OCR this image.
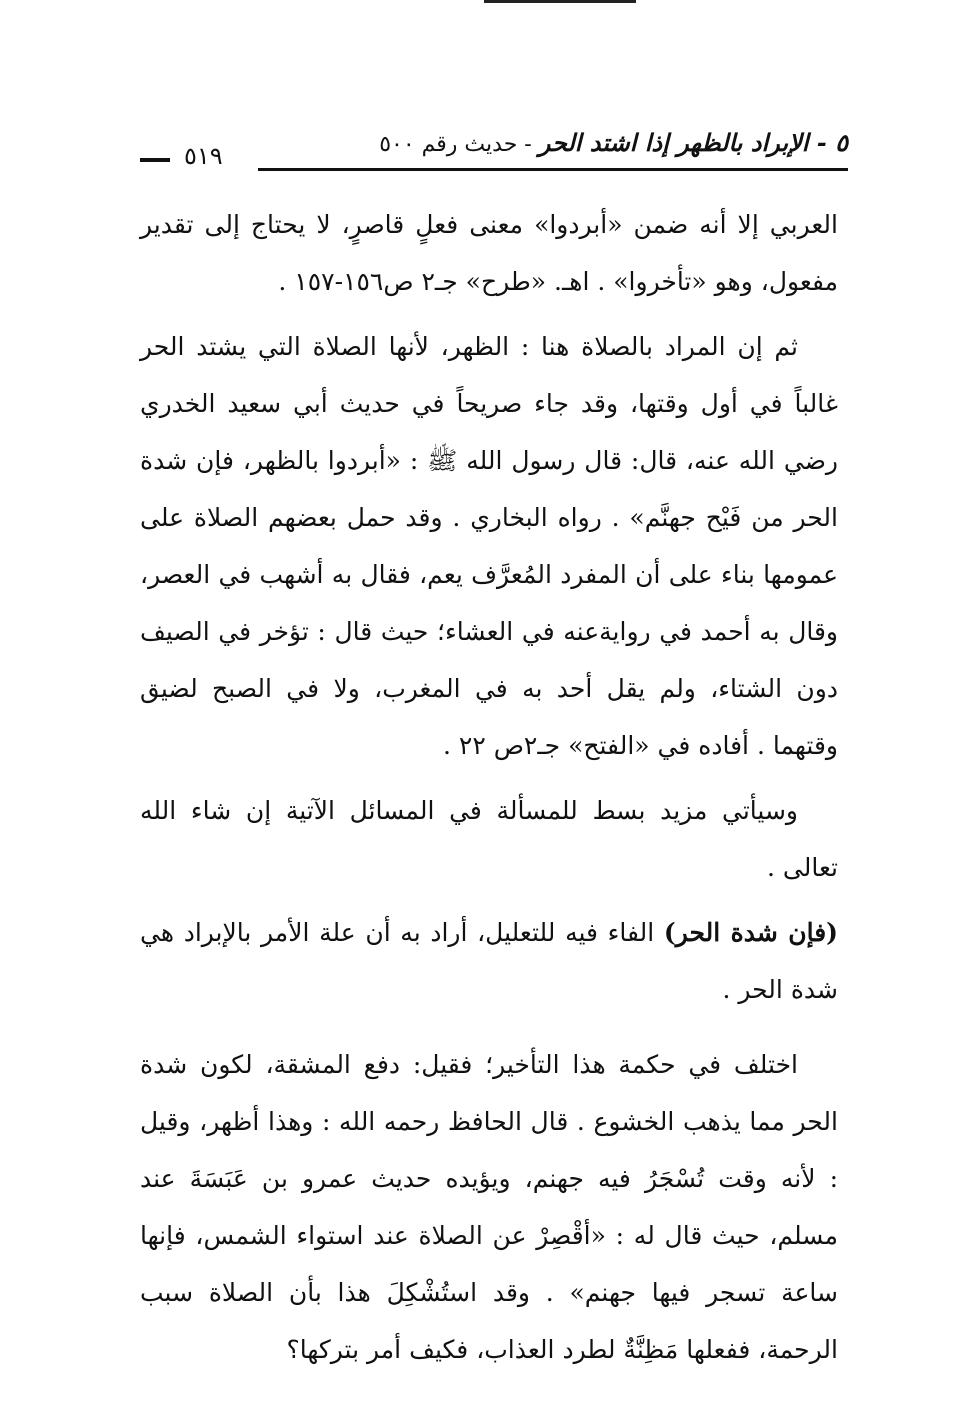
٥ - الإبراد بالظهر إذا اشتد الحر - حديث رقم ٥٠٠
٥١٩

العربي إلا أنه ضمن «أبردوا» معنى فعلٍ قاصرٍ، لا يحتاج إلى تقدير مفعول، وهو «تأخروا» . اهـ. «طرح» جـ٢ ص١٥٦-١٥٧ .

ثم إن المراد بالصلاة هنا : الظهر، لأنها الصلاة التي يشتد الحر غالباً في أول وقتها، وقد جاء صريحاً في حديث أبي سعيد الخدري رضي الله عنه، قال: قال رسول الله ﷺ : «أبردوا بالظهر، فإن شدة الحر من فَيْح جهنَّم» . رواه البخاري . وقد حمل بعضهم الصلاة على عمومها بناء على أن المفرد المُعرَّف يعم، فقال به أشهب في العصر، وقال به أحمد في روايةعنه في العشاء؛ حيث قال : تؤخر في الصيف دون الشتاء، ولم يقل أحد به في المغرب، ولا في الصبح لضيق وقتهما . أفاده في «الفتح» جـ٢ص ٢٢ .

وسيأتي مزيد بسط للمسألة في المسائل الآتية إن شاء الله تعالى .

(فإن شدة الحر) الفاء فيه للتعليل، أراد به أن علة الأمر بالإبراد هي شدة الحر .

اختلف في حكمة هذا التأخير؛ فقيل: دفع المشقة، لكون شدة الحر مما يذهب الخشوع . قال الحافظ رحمه الله : وهذا أظهر، وقيل : لأنه وقت تُسْجَرُ فيه جهنم، ويؤيده حديث عمرو بن عَبَسَةَ عند مسلم، حيث قال له : «أقْصِرْ عن الصلاة عند استواء الشمس، فإنها ساعة تسجر فيها جهنم» . وقد استُشْكِلَ هذا بأن الصلاة سبب الرحمة، ففعلها مَظِنَّةٌ لطرد العذاب، فكيف أمر بتركها؟
